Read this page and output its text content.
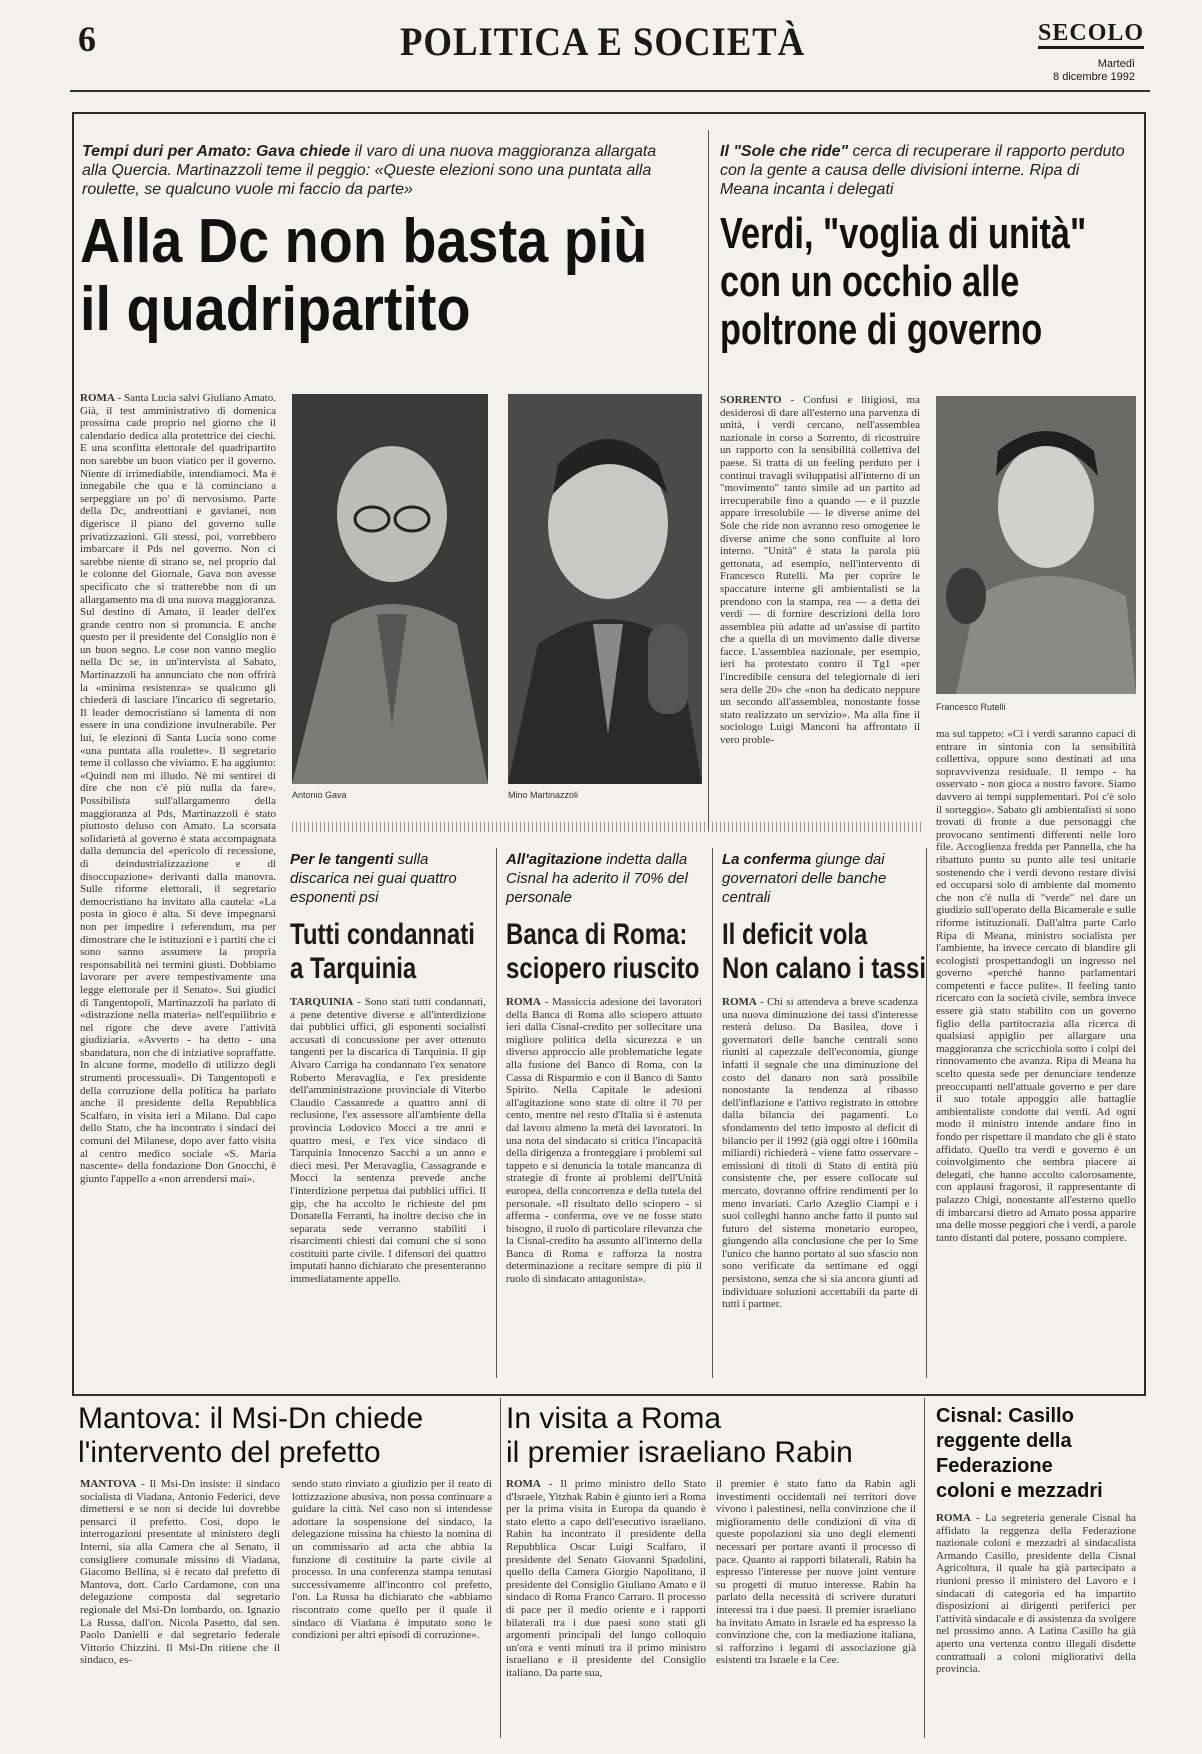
6	POLITICA E SOCIETÀ	SECOLO
Martedì
8 dicembre 1992
Tempi duri per Amato: Gava chiede il varo di una nuova maggioranza allargata alla Quercia. Martinazzoli teme il peggio: «Queste elezioni sono una puntata alla roulette, se qualcuno vuole mi faccio da parte»
Alla Dc non basta più
il quadripartito
ROMA - Santa Lucia salvi Giuliano Amato. Già, il test amministrativo di domenica prossima cade proprio nel giorno che il calendario dedica alla protettrice dei ciechi. E una sconfitta elettorale del quadripartito non sarebbe un buon viatico per il governo. Niente di irrimediabile, intendiamoci. Ma è innegabile che qua e là cominciano a serpeggiare un po' di nervosismo. Parte della Dc, andreottiani e gavianei, non digerisce il piano del governo sulle privatizzazioni. Gli stessi, poi, vorrebbero imbarcare il Pds nel governo. Non ci sarebbe niente di strano se, nel proprio dal le colonne del Giornale, Gava non avesse specificato che si tratterebbe non di un allargamento ma di una nuova maggioranza. Sul destino di Amato, il leader dell'ex grande centro non si pronuncia. E anche questo per il presidente del Consiglio non è un buon segno. Le cose non vanno meglio nella Dc se, in un'intervista al Sabato, Martinazzoli ha annunciato che non offrirà la «minima resistenza» se qualcuno gli chiederà di lasciare l'incarico di segretario. Il leader democristiano si lamenta di non essere in una condizione invulnerabile. Per lui, le elezioni di Santa Lucia sono come «una puntata alla roulette». Il segretario teme il collasso che viviamo. E ha aggiunto: «Quindi non mi illudo. Nè mi sentirei di dire che non c'è più nulla da fare». Possibilista sull'allargamento della maggioranza al Pds, Martinazzoli è stato piuttosto deluso con Amato. La scorsata solidarietà al governo è stata accompagnata dalla denuncia del «pericolo di recessione, di deindustrializzazione e di disoccupazione» derivanti dalla manovra. Sulle riforme elettorali, il segretario democristiano ha invitato alla cautela: «La posta in gioco è alta. Si deve impegnarsi non per impedire i referendum, ma per dimostrare che le istituzioni e i partiti che ci sono sanno assumere la propria responsabilità nei termini giusti. Dobbiamo lavorare per avere tempestivamente una legge elettorale per il Senato». Sui giudici di Tangentopoli, Martinazzoli ha parlato di «distrazione nella materia» nell'equilibrio e nel rigore che deve avere l'attività giudiziaria. «Avverto - ha detto - una sbandatura, non che di iniziative sopraffatte. In alcune forme, modello di utilizzo degli strumenti processuali». Di Tangentopoli e della corruzione della politica ha parlato anche il presidente della Repubblica Scalfaro, in visita ieri a Milano. Dal capo dello Stato, che ha incontrato i sindaci dei comuni del Milanese, dopo aver fatto visita al centro medico sociale «S. Maria nascente» della fondazione Don Gnocchi, è giunto l'appello a «non arrendersi mai».
Antonio Gava	Mino Martinazzoli
Il "Sole che ride" cerca di recuperare il rapporto perduto con la gente a causa delle divisioni interne. Ripa di Meana incanta i delegati
Verdi, "voglia di unità"
con un occhio alle
poltrone di governo
SORRENTO - Confusi e litigiosi, ma desiderosi di dare all'esterno una parvenza di unità, i verdi cercano, nell'assemblea nazionale in corso a Sorrento, di ricostruire un rapporto con la sensibilità collettiva del paese. Si tratta di un feeling perduto per i continui travagli sviluppatisi all'interno di un "movimento" tanto simile ad un partito ad irrecuperabile fino a quando — e il puzzle appare irresolubile — le diverse anime del Sole che ride non avranno reso omogenee le diverse anime che sono confluite al loro interno. "Unità" è stata la parola più gettonata, ad esempio, nell'intervento di Francesco Rutelli. Ma per coprire le spaccature interne gli ambientalisti se la prendono con la stampa, rea — a detta dei verdi — di fornire descrizioni della loro assemblea più adatte ad un'assise di partito che a quella di un movimento dalle diverse facce. L'assemblea nazionale, per esempio, ieri ha protestato contro il Tg1 «per l'incredibile censura del telegiornale di ieri sera delle 20» che «non ha dedicato neppure un secondo all'assemblea, nonostante fosse stato realizzato un servizio». Ma alla fine il sociologo Luigi Manconi ha affrontato il vero proble-
Francesco Rutelli
ma sul tappeto: «Ci i verdi saranno capaci di entrare in sintonia con la sensibilità collettiva, oppure sono destinati ad una sopravvivenza residuale. Il tempo - ha osservato - non gioca a nostro favore. Siamo davvero ai tempi supplementari. Poi c'è solo il sorteggio». Sabato gli ambientalisti si sono trovati di fronte a due personaggi che provocano sentimenti differenti nelle loro file. Accoglienza fredda per Pannella, che ha ribattuto punto su punto alle tesi unitarie sostenendo che i verdi devono restare divisi ed occuparsi solo di ambiente dal momento che non c'è nulla di "verde" nel dare un giudizio sull'operato della Bicamerale e sulle riforme istituzionali. Dall'altra parte Carlo Ripa di Meana, ministro socialista per l'ambiente, ha invece cercato di blandire gli ecologisti prospettandogli un ingresso nel governo «perché hanno parlamentari competenti e facce pulite». Il feeling tanto ricercato con la società civile, sembra invece essere già stato stabilito con un governo figlio della partitocrazia alla ricerca di qualsiasi appiglio per allargare una maggioranza che scricchiola sotto i colpi del rinnovamento che avanza. Ripa di Meana ha scelto questa sede per denunciare tendenze preoccupanti nell'attuale governo e per dare il suo totale appoggio alle battaglie ambientaliste condotte dai verdi. Ad ogni modo il ministro intende andare fino in fondo per rispettare il mandato che gli è stato affidato. Quello tra verdi e governo è un coinvolgimento che sembra piacere ai delegati, che hanno accolto calorosamente, con applausi fragorosi, il rappresentante di palazzo Chigi, nonostante all'esterno quello di imbarcarsi dietro ad Amato possa apparire una delle mosse peggiori che i verdi, a parole tanto distanti dal potere, possano compiere.
Per le tangenti sulla discarica nei guai quattro esponenti psi
Tutti condannati
a Tarquinia
TARQUINIA - Sono stati tutti condannati, a pene detentive diverse e all'interdizione dai pubblici uffici, gli esponenti socialisti accusati di concussione per aver ottenuto tangenti per la discarica di Tarquinia. Il gip Alvaro Carriga ha condannato l'ex senatore Roberto Meravaglia, e l'ex presidente dell'amministrazione provinciale di Viterbo Claudio Cassanrede a quattro anni di reclusione, l'ex assessore all'ambiente della provincia Lodovico Mocci a tre anni e quattro mesi, e l'ex vice sindaco di Tarquinia Innocenzo Sacchi a un anno e dieci mesi. Per Meravaglia, Cassagrande e Mocci la sentenza prevede anche l'interdizione perpetua dai pubblici uffici. Il gip, che ha accolto le richieste del pm Donatella Ferranti, ha inoltre deciso che in separata sede verranno stabiliti i risarcimenti chiesti dai comuni che si sono costituiti parte civile. I difensori dei quattro imputati hanno dichiarato che presenteranno immediatamente appello.
All'agitazione indetta dalla Cisnal ha aderito il 70% del personale
Banca di Roma:
sciopero riuscito
ROMA - Massiccia adesione dei lavoratori della Banca di Roma allo sciopero attuato ieri dalla Cisnal-credito per sollecitare una migliore politica della sicurezza e un diverso approccio alle problematiche legate alla fusione del Banco di Roma, con la Cassa di Risparmio e con il Banco di Santo Spirito. Nella Capitale le adesioni all'agitazione sono state di oltre il 70 per cento, mentre nel resto d'Italia si è astenuta dal lavoro almeno la metà dei lavoratori. In una nota del sindacato si critica l'incapacità della dirigenza a fronteggiare i problemi sul tappeto e si denuncia la totale mancanza di strategie di fronte ai problemi dell'Unità europea, della concorrenza e della tutela del personale. «Il risultato dello sciopero - si afferma - conferma, ove ve ne fosse stato bisogno, il ruolo di particolare rilevanza che la Cisnal-credito ha assunto all'interno della Banca di Roma e rafforza la nostra determinazione a recitare sempre di più il ruolo di sindacato antagonista».
La conferma giunge dai governatori delle banche centrali
Il deficit vola
Non calano i tassi
ROMA - Chi si attendeva a breve scadenza una nuova diminuzione dei tassi d'interesse resterà deluso. Da Basilea, dove i governatori delle banche centrali sono riuniti al capezzale dell'economia, giunge infatti il segnale che una diminuzione del costo del danaro non sarà possibile nonostante la tendenza al ribasso dell'inflazione e l'attivo registrato in ottobre dalla bilancia dei pagamenti. Lo sfondamento del tetto imposto al deficit di bilancio per il 1992 (già oggi oltre i 160mila miliardi) richiederà - viene fatto osservare - emissioni di titoli di Stato di entità più consistente che, per essere collocate sul mercato, dovranno offrire rendimenti per lo meno invariati. Carlo Azeglio Ciampi e i suoi colleghi hanno anche fatto il punto sul futuro del sistema monetario europeo, giungendo alla conclusione che per lo Sme l'unico che hanno portato al suo sfascio non sono verificate da settimane ed oggi persistono, senza che si sia ancora giunti ad individuare soluzioni accettabili da parte di tutti i partner.
Mantova: il Msi-Dn chiede
l'intervento del prefetto
MANTOVA - Il Msi-Dn insiste: il sindaco socialista di Viadana, Antonio Federici, deve dimettersi e se non si decide lui dovrebbe pensarci il prefetto. Così, dopo le interrogazioni presentate al ministero degli Interni, sia alla Camera che al Senato, il consigliere comunale missino di Viadana, Giacomo Bellina, si è recato dal prefetto di Mantova, dott. Carlo Cardamone, con una delegazione composta dal segretario regionale del Msi-Dn lombardo, on. Ignazio La Russa, dall'on. Nicola Pasetto, dal sen. Paolo Danielli e dal segretario federale Vittorio Chizzini. Il Msi-Dn ritiene che il sindaco, es-
sendo stato rinviato a giudizio per il reato di lottizzazione abusiva, non possa continuare a guidare la città. Nel caso non si intendesse adottare la sospensione del sindaco, la delegazione missina ha chiesto la nomina di un commissario ad acta che abbia la funzione di costituire la parte civile al processo. In una conferenza stampa tenutasi successivamente all'incontro col prefetto, l'on. La Russa ha dichiarato che «abbiamo riscontrato come quello per il quale il sindaco di Viadana è imputato sono le condizioni per altri episodi di corruzione».
In visita a Roma
il premier israeliano Rabin
ROMA - Il primo ministro dello Stato d'Israele, Yitzhak Rabin è giunto ieri a Roma per la prima visita in Europa da quando è stato eletto a capo dell'esecutivo israeliano. Rabin ha incontrato il presidente della Repubblica Oscar Luigi Scalfaro, il presidente del Senato Giovanni Spadolini, quello della Camera Giorgio Napolitano, il presidente del Consiglio Giuliano Amato e il sindaco di Roma Franco Carraro. Il processo di pace per il medio oriente e i rapporti bilaterali tra i due paesi sono stati gli argomenti principali del lungo colloquio un'ora e venti minuti tra il primo ministro israeliano e il presidente del Consiglio italiano. Da parte sua,
il premier è stato fatto da Rabin agli investimenti occidentali nei territori dove vivono i palestinesi, nella convinzione che il miglioramento delle condizioni di vita di queste popolazioni sia uno degli elementi necessari per portare avanti il processo di pace. Quanto ai rapporti bilaterali, Rabin ha espresso l'interesse per nuove joint venture su progetti di mutuo interesse. Rabin ha parlato della necessità di scrivere duraturi interessi tra i due paesi. Il premier israeliano ha invitato Amato in Israele ed ha espresso la convinzione che, con la mediazione italiana, si rafforzino i legami di associazione già esistenti tra Israele e la Cee.
Cisnal: Casillo
reggente della
Federazione
coloni e mezzadri
ROMA - La segreteria generale Cisnal ha affidato la reggenza della Federazione nazionale coloni e mezzadri al sindacalista Armando Casillo, presidente della Cisnal Agricoltura, il quale ha già partecipato a riunioni presso il ministero del Lavoro e i sindacati di categoria ed ha impartito disposizioni ai dirigenti periferici per l'attività sindacale e di assistenza da svolgere nel prossimo anno. A Latina Casillo ha già aperto una vertenza contro illegali disdette contrattuali a coloni migliorativi della provincia.
